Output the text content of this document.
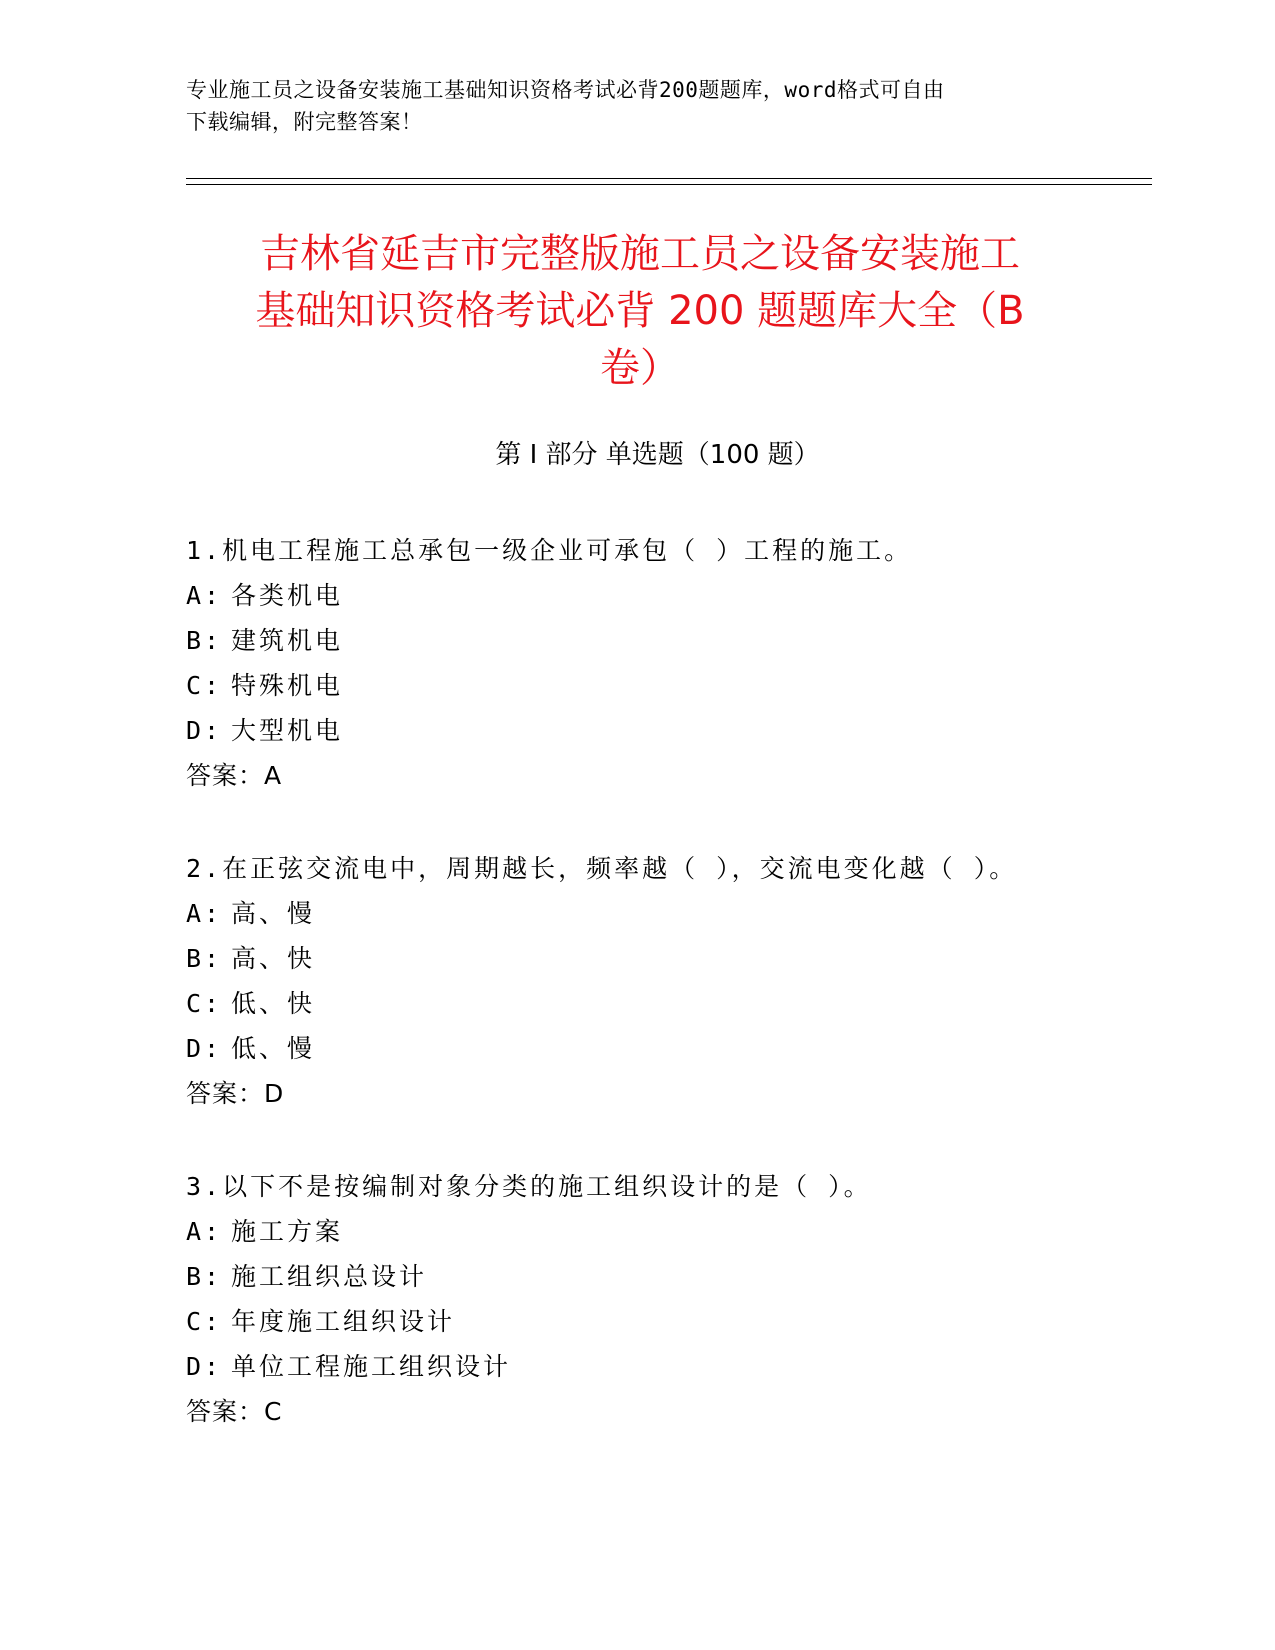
专业施工员之设备安装施工基础知识资格考试必背200题题库，word格式可自由
下载编辑，附完整答案！
吉林省延吉市完整版施工员之设备安装施工
基础知识资格考试必背 200 题题库大全（B
卷）
第 I 部分 单选题（100 题）
1.机电工程施工总承包一级企业可承包（ ）工程的施工。
A: 各类机电
B: 建筑机电
C: 特殊机电
D: 大型机电
答案：A
2.在正弦交流电中，周期越长，频率越（ ），交流电变化越（ ）。
A: 高、慢
B: 高、快
C: 低、快
D: 低、慢
答案：D
3.以下不是按编制对象分类的施工组织设计的是（ ）。
A: 施工方案
B: 施工组织总设计
C: 年度施工组织设计
D: 单位工程施工组织设计
答案：C
